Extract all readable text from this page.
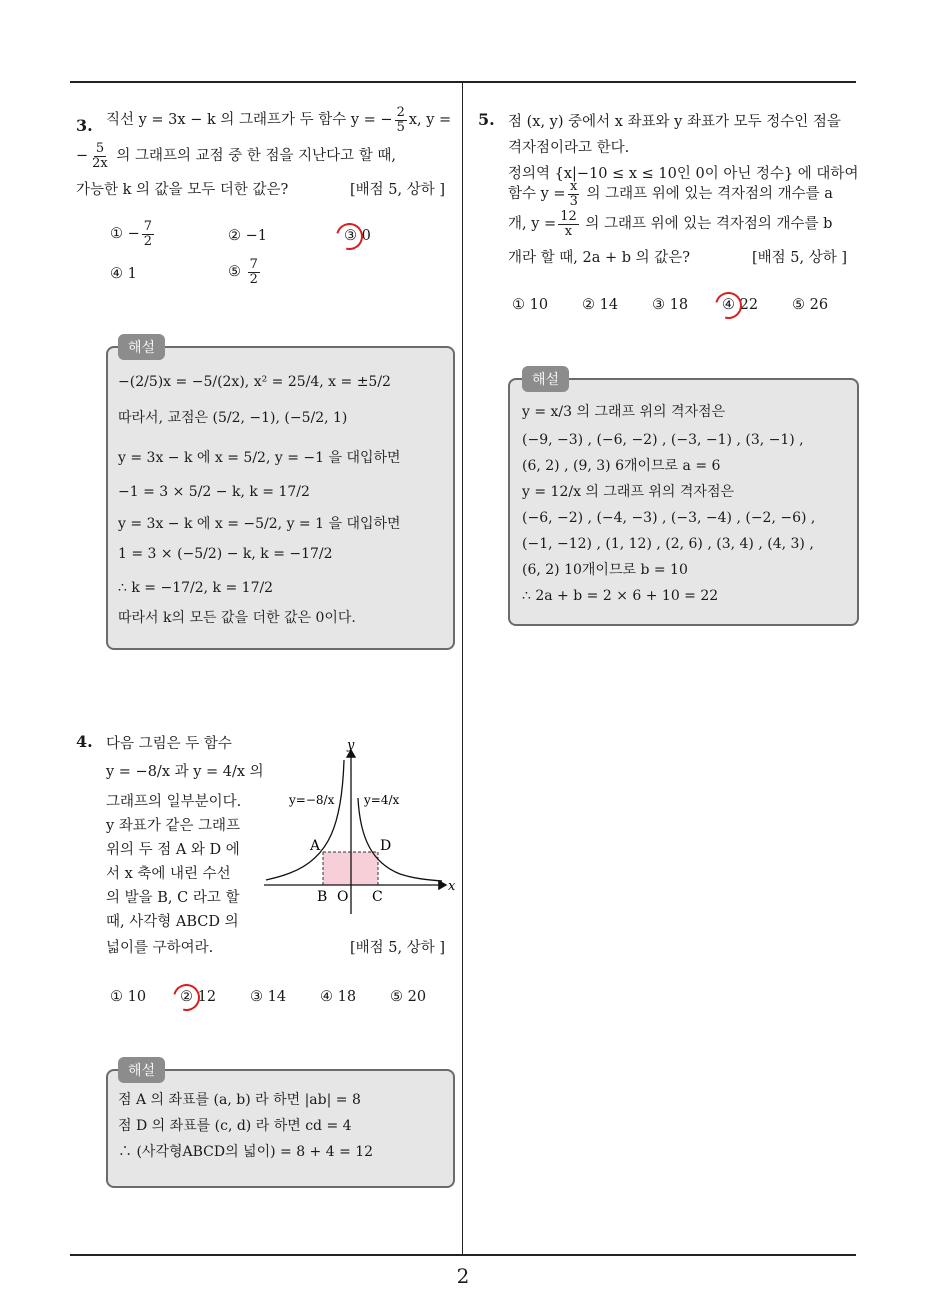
2
3. 직선 y = 3x − k 의 그래프가 두 함수 y = − $\frac{2}{5} x$, y =
− $\frac{5}{2x}$ 의 그래프의 교점 중 한 점을 지난다고 할 때,
가능한 k 의 값을 모두 더한 값은?	[배점 5, 상하 ]
① − $\frac{7}{2}$	② −1	③ 0
④ 1	⑤ $\frac{7}{2}$
해설
−(2/5)x = −5/(2x), x² = 25/4, x = ±5/2
따라서, 교점은 (5/2, −1), (−5/2, 1)
y = 3x − k 에 x = 5/2, y = −1 을 대입하면
−1 = 3 × 5/2 − k, k = 17/2
y = 3x − k 에 x = −5/2, y = 1 을 대입하면
1 = 3 × (−5/2) − k, k = −17/2
∴ k = −17/2, k = 17/2
따라서 k의 모든 값을 더한 값은 0이다.
4. 다음 그림은 두 함수
y = −8/x 과 y = 4/x 의
그래프의 일부분이다.
y 좌표가 같은 그래프
위의 두 점 A 와 D 에
서 x 축에 내린 수선
의 발을 B, C 라고 할
때, 사각형 ABCD 의
넓이를 구하여라.	[배점 5, 상하 ]
y
x
y=−8/x y=4/x
A	D
B O C
① 10 ② 12 ③ 14 ④ 18 ⑤ 20
해설
점 A 의 좌표를 (a, b) 라 하면 |ab| = 8
점 D 의 좌표를 (c, d) 라 하면 cd = 4
∴ (사각형ABCD의 넓이) = 8 + 4 = 12
5. 점 (x, y) 중에서 x 좌표와 y 좌표가 모두 정수인 점을
격자점이라고 한다.
정의역 {x|−10 ≤ x ≤ 10인 0이 아닌 정수} 에 대하여
함수 $y = \frac{x}{3}$ 의 그래프 위에 있는 격자점의 개수를 a
개, $y = \frac{12}{x}$ 의 그래프 위에 있는 격자점의 개수를 b
개라 할 때, 2a + b 의 값은?	[배점 5, 상하 ]
① 10 ② 14 ③ 18 ④ 22 ⑤ 26
해설
y = x/3 의 그래프 위의 격자점은
(−9, −3) , (−6, −2) , (−3, −1) , (3, −1) ,
(6, 2) , (9, 3) 6개이므로 a = 6
y = 12/x 의 그래프 위의 격자점은
(−6, −2) , (−4, −3) , (−3, −4) , (−2, −6) ,
(−1, −12) , (1, 12) , (2, 6) , (3, 4) , (4, 3) ,
(6, 2) 10개이므로 b = 10
∴ 2a + b = 2 × 6 + 10 = 22
